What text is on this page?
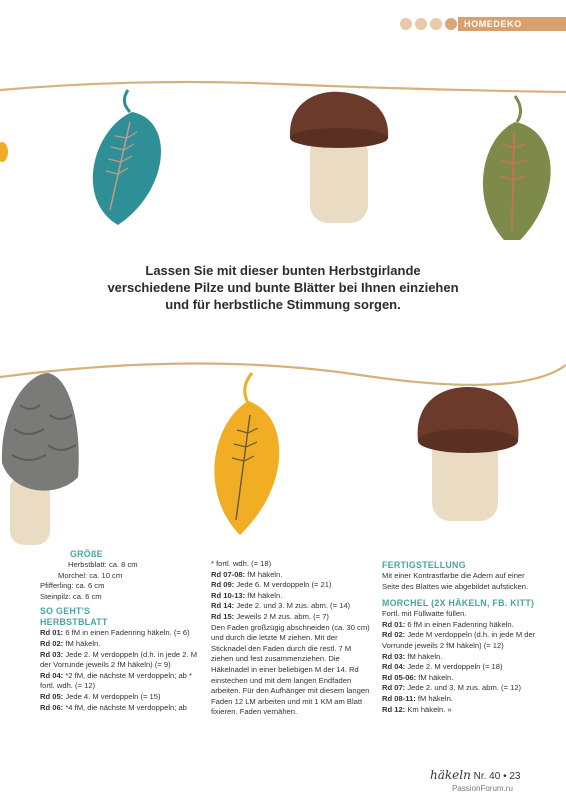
HOMEDEKO
Lassen Sie mit dieser bunten Herbstgirlande
verschiedene Pilze und bunte Blätter bei Ihnen einziehen
und für herbstliche Stimmung sorgen.

GRÖßE

Herbstblatt: ca. 8 cm

Morchel: ca. 10 cm

Pfifferling: ca. 6 cm

Steinpilz: ca. 6 cm

SO GEHT'S

HERBSTBLATT

Rd 01: 6 fM in einen Fadenring häkeln. (= 6)

Rd 02: fM häkeln.

Rd 03: Jede 2. M verdoppeln (d.h. in jede 2. M der Vorrunde jeweils 2 fM häkeln) (= 9)

Rd 04: *2 fM, die nächste M verdoppeln; ab * fortl. wdh. (= 12)

Rd 05: Jede 4. M verdoppeln (= 15)

Rd 06: *4 fM, die nächste M verdoppeln; ab

* fortl. wdh. (= 18)

Rd 07-08: fM häkeln.

Rd 09: Jede 6. M verdoppeln (= 21)

Rd 10-13: fM häkeln.

Rd 14: Jede 2. und 3. M zus. abm. (= 14)

Rd 15: Jeweils 2 M zus. abm. (= 7)

Den Faden großzügig abschneiden (ca. 30 cm) und durch die letzte M ziehen. Mit der Sticknadel den Faden durch die restl. 7 M ziehen und fest zusammenziehen. Die Häkelnadel in einer beliebigen M der 14. Rd einstechen und mit dem langen Endfaden arbeiten. Für den Aufhänger mit diesem langen Faden 12 LM arbeiten und mit 1 KM am Blatt fixieren. Faden vernähen.

FERTIGSTELLUNG

Mit einer Kontrastfarbe die Adern auf einer Seite des Blattes wie abgebildet aufsticken.

MORCHEL (2X HÄKELN, FB. KITT)

Fortl. mit Füllwatte füllen.

Rd 01: 6 fM in einen Fadenring häkeln.

Rd 02: Jede M verdoppeln (d.h. in jede M der Vorrunde jeweils 2 fM häkeln) (= 12)

Rd 03: fM häkeln.

Rd 04: Jede 2. M verdoppeln (= 18)

Rd 05-06: fM häkeln.

Rd 07: Jede 2. und 3. M zus. abm. (= 12)

Rd 08-11: fM häkeln.

Rd 12: Km häkeln. »

häkeln Nr. 40 • 23
PassionForum.ru
